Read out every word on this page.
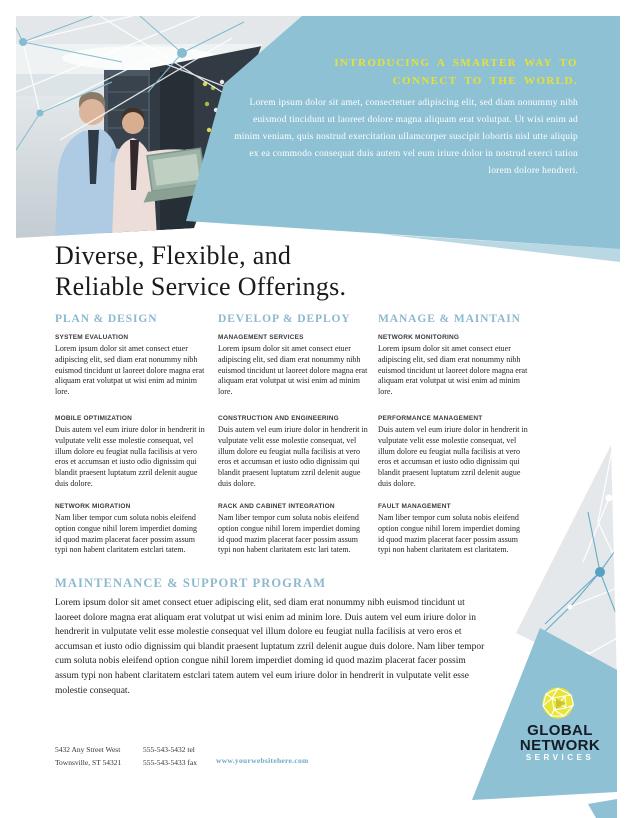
INTRODUCING A SMARTER WAY TO
CONNECT TO THE WORLD.
Lorem ipsum dolor sit amet, consectetuer adipiscing elit, sed diam nonummy nibh euismod tincidunt ut laoreet dolore magna aliquam erat volutpat. Ut wisi enim ad minim veniam, quis nostrud exercitation ullamcorper suscipit lobortis nisl utte aliquip ex ea commodo consequat duis autem vel eum iriure dolor in nostrud exerci tation lorem dolore hendreri.
Diverse, Flexible, and
Reliable Service Offerings.
PLAN & DESIGN

SYSTEM EVALUATION

Lorem ipsum dolor sit amet consect etuer adipiscing elit, sed diam erat nonummy nibh euismod tincidunt ut laoreet dolore magna erat aliquam erat volutpat ut wisi enim ad minim lore.

MOBILE OPTIMIZATION

Duis autem vel eum iriure dolor in hendrerit in vulputate velit esse molestie consequat, vel illum dolore eu feugiat nulla facilisis at vero eros et accumsan et iusto odio dignissim qui blandit praesent luptatum zzril delenit augue duis dolore.

NETWORK MIGRATION

Nam liber tempor cum soluta nobis eleifend option congue nihil lorem imperdiet doming id quod mazim placerat facer possim assum typi non habent claritatem estclari tatem.

DEVELOP & DEPLOY

MANAGEMENT SERVICES

Lorem ipsum dolor sit amet consect etuer adipiscing elit, sed diam erat nonummy nibh euismod tincidunt ut laoreet dolore magna erat aliquam erat volutpat ut wisi enim ad minim lore.

CONSTRUCTION AND ENGINEERING

Duis autem vel eum iriure dolor in hendrerit in vulputate velit esse molestie consequat, vel illum dolore eu feugiat nulla facilisis at vero eros et accumsan et iusto odio dignissim qui blandit praesent luptatum zzril delenit augue duis dolore.

RACK AND CABINET INTEGRATION

Nam liber tempor cum soluta nobis eleifend option congue nihil lorem imperdiet doming id quod mazim placerat facer possim assum typi non habent claritatem estc lari tatem.

MANAGE & MAINTAIN

NETWORK MONITORING

Lorem ipsum dolor sit amet consect etuer adipiscing elit, sed diam erat nonummy nibh euismod tincidunt ut laoreet dolore magna erat aliquam erat volutpat ut wisi enim ad minim lore.

PERFORMANCE MANAGEMENT

Duis autem vel eum iriure dolor in hendrerit in vulputate velit esse molestie consequat, vel illum dolore eu feugiat nulla facilisis at vero eros et accumsan et iusto odio dignissim qui blandit praesent luptatum zzril delenit augue duis dolore.

FAULT MANAGEMENT

Nam liber tempor cum soluta nobis eleifend option congue nihil lorem imperdiet doming id quod mazim placerat facer possim assum typi non habent claritatem est claritatem.

MAINTENANCE & SUPPORT PROGRAM
Lorem ipsum dolor sit amet consect etuer adipiscing elit, sed diam erat nonummy nibh euismod tincidunt ut laoreet dolore magna erat aliquam erat volutpat ut wisi enim ad minim lore. Duis autem vel eum iriure dolor in hendrerit in vulputate velit esse molestie consequat vel illum dolore eu feugiat nulla facilisis at vero eros et accumsan et iusto odio dignissim qui blandit praesent luptatum zzril delenit augue duis dolore. Nam liber tempor cum soluta nobis eleifend option congue nihil lorem imperdiet doming id quod mazim placerat facer possim assum typi non habent claritatem estclari tatem autem vel eum iriure dolor in hendrerit in vulputate velit esse molestie consequat.
5432 Any Street West
Townsville, ST 54321
555-543-5432 tel
555-543-5433 fax	www.yourwebsitehere.com
GLOBAL
NETWORK
SERVICES
